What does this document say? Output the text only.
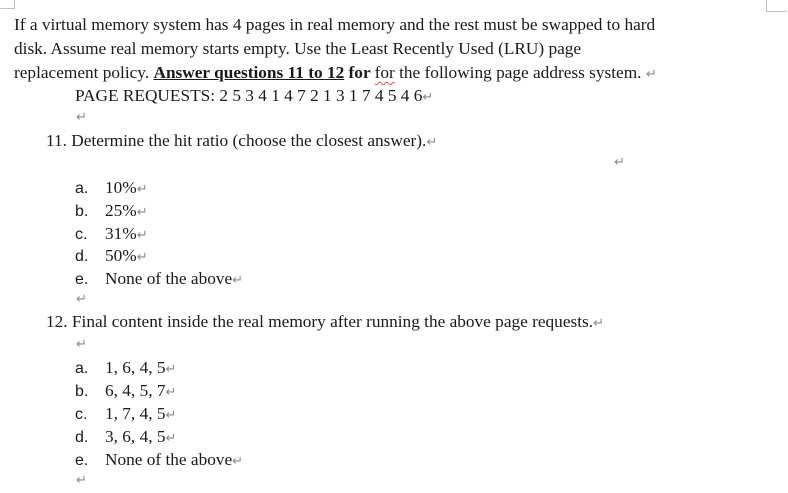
If a virtual memory system has 4 pages in real memory and the rest must be swapped to hard
disk. Assume real memory starts empty. Use the Least Recently Used (LRU) page
replacement policy. Answer questions 11 to 12 for for the following page address system. ↵
PAGE REQUESTS: 2 5 3 4 1 4 7 2 1 3 1 7 4 5 4 6↵
↵
11. Determine the hit ratio (choose the closest answer).↵
↵
a. 10%↵
b. 25%↵
c. 31%↵
d. 50%↵
e. None of the above↵
↵
12. Final content inside the real memory after running the above page requests.↵
↵
a. 1, 6, 4, 5↵
b. 6, 4, 5, 7↵
c. 1, 7, 4, 5↵
d. 3, 6, 4, 5↵
e. None of the above↵
↵
